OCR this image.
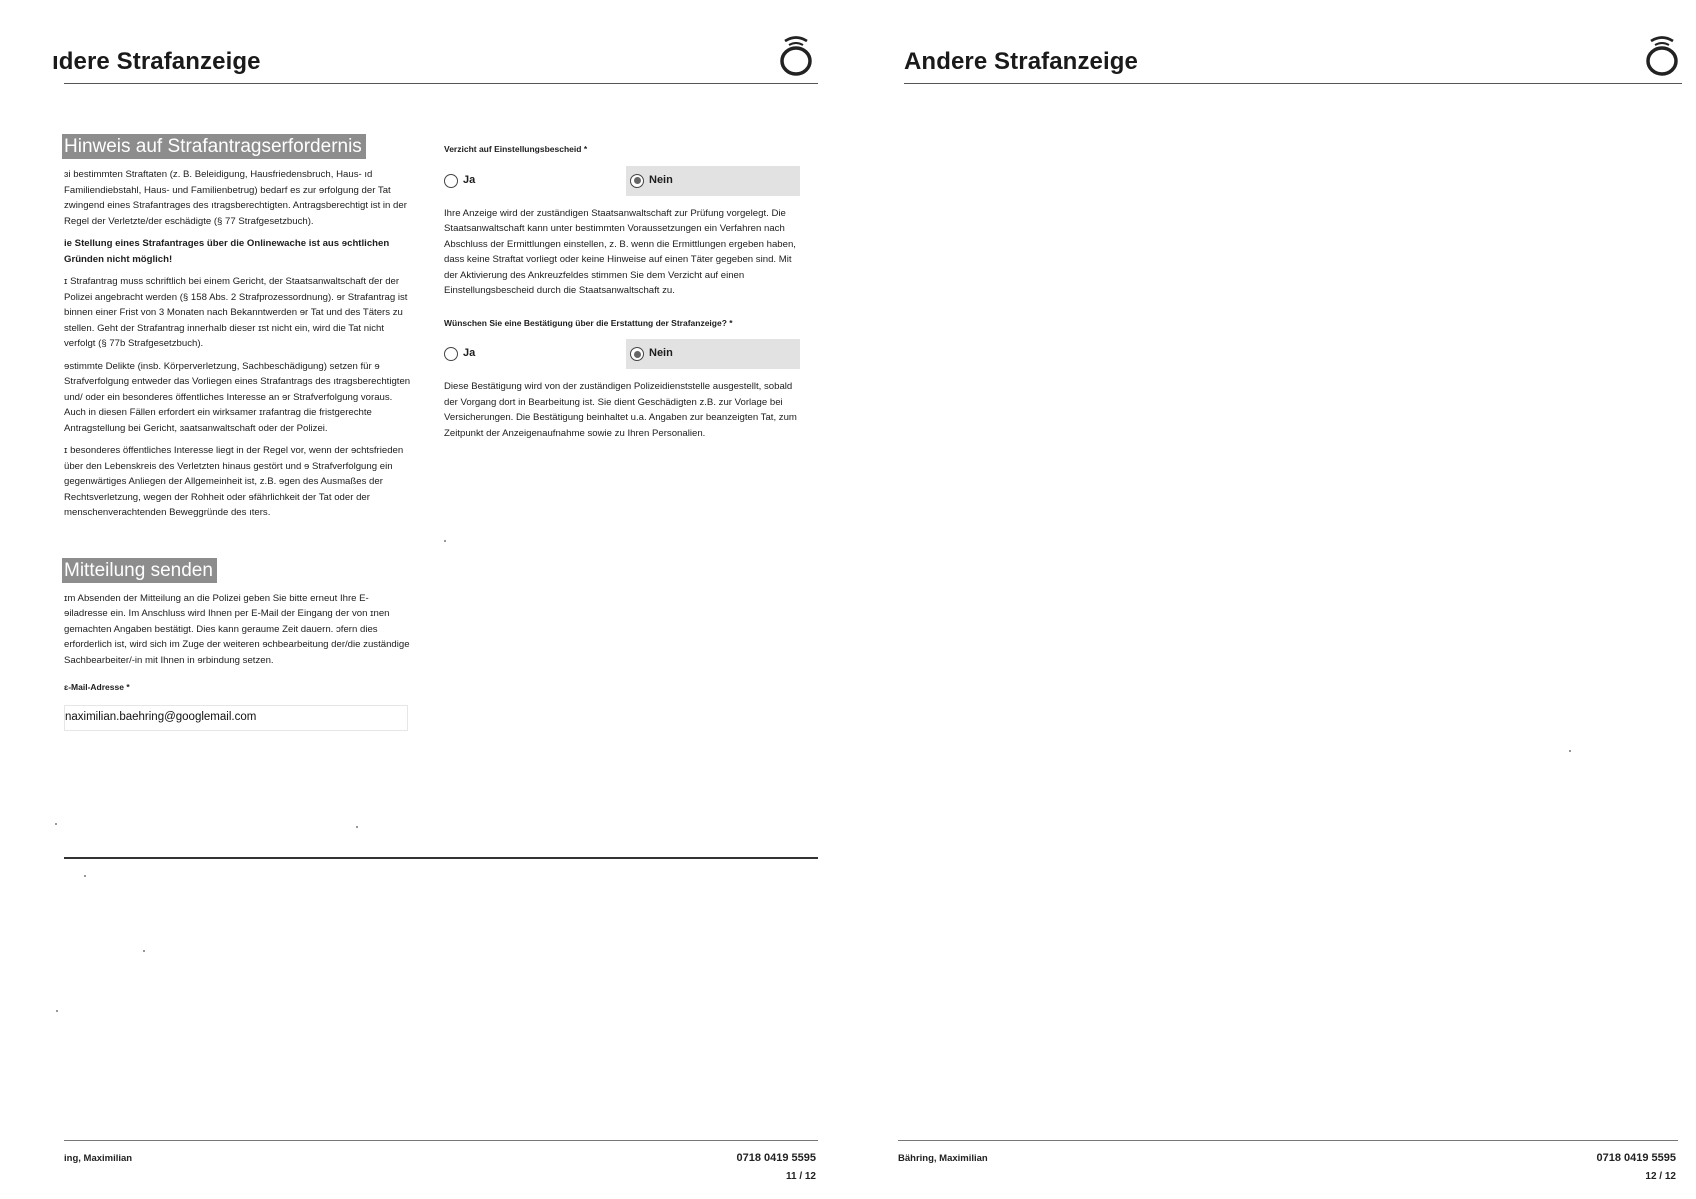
ıdere Strafanzeige
Hinweis auf Strafantragserfordernis

ɜi bestimmten Straftaten (z. B. Beleidigung, Hausfriedensbruch, Haus- ıd Familiendiebstahl, Haus- und Familienbetrug) bedarf es zur ɘrfolgung der Tat zwingend eines Strafantrages des ıtragsberechtigten. Antragsberechtigt ist in der Regel der Verletzte/der eschädigte (§ 77 Strafgesetzbuch).

ie Stellung eines Strafantrages über die Onlinewache ist aus ɘchtlichen Gründen nicht möglich!

ɪ Strafantrag muss schriftlich bei einem Gericht, der Staatsanwaltschaft ɗer der Polizei angebracht werden (§ 158 Abs. 2 Strafprozessordnung). ɘr Strafantrag ist binnen einer Frist von 3 Monaten nach Bekanntwerden ɘr Tat und des Täters zu stellen. Geht der Strafantrag innerhalb dieser ɪst nicht ein, wird die Tat nicht verfolgt (§ 77b Strafgesetzbuch).

ɘstimmte Delikte (insb. Körperverletzung, Sachbeschädigung) setzen für ɘ Strafverfolgung entweder das Vorliegen eines Strafantrags des ıtragsberechtigten und/ oder ein besonderes öffentliches Interesse an ɘr Strafverfolgung voraus. Auch in diesen Fällen erfordert ein wirksamer ɪrafantrag die fristgerechte Antragstellung bei Gericht, ɜaatsanwaltschaft oder der Polizei.

ɪ besonderes öffentliches Interesse liegt in der Regel vor, wenn der ɘchtsfrieden über den Lebenskreis des Verletzten hinaus gestört und ɘ Strafverfolgung ein gegenwärtiges Anliegen der Allgemeinheit ist, z.B. ɘgen des Ausmaßes der Rechtsverletzung, wegen der Rohheit oder ɘfährlichkeit der Tat oder der menschenverachtenden Beweggründe des ıters.

Mitteilung senden

ɪm Absenden der Mitteilung an die Polizei geben Sie bitte erneut Ihre E- ɘiladresse ein. Im Anschluss wird Ihnen per E-Mail der Eingang der von ɪnen gemachten Angaben bestätigt. Dies kann geraume Zeit dauern. ɔfern dies erforderlich ist, wird sich im Zuge der weiteren ɘchbearbeitung der/die zuständige Sachbearbeiter/-in mit Ihnen in ɘrbindung setzen.

ɛ-Mail-Adresse *
naximilian.baehring@googlemail.com
Verzicht auf Einstellungsbescheid *
Ja	Nein

Ihre Anzeige wird der zuständigen Staatsanwaltschaft zur Prüfung vorgelegt. Die Staatsanwaltschaft kann unter bestimmten Voraussetzungen ein Verfahren nach Abschluss der Ermittlungen einstellen, z. B. wenn die Ermittlungen ergeben haben, dass keine Straftat vorliegt oder keine Hinweise auf einen Täter gegeben sind. Mit der Aktivierung des Ankreuzfeldes stimmen Sie dem Verzicht auf einen Einstellungsbescheid durch die Staatsanwaltschaft zu.

Wünschen Sie eine Bestätigung über die Erstattung der Strafanzeige? *
Ja	Nein

Diese Bestätigung wird von der zuständigen Polizeidienststelle ausgestellt, sobald der Vorgang dort in Bearbeitung ist. Sie dient Geschädigten z.B. zur Vorlage bei Versicherungen. Die Bestätigung beinhaltet u.a. Angaben zur beanzeigten Tat, zum Zeitpunkt der Anzeigenaufnahme sowie zu Ihren Personalien.

ing, Maximilian	0718 0419 5595
11 / 12
Andere Strafanzeige
Bähring, Maximilian	0718 0419 5595
12 / 12
